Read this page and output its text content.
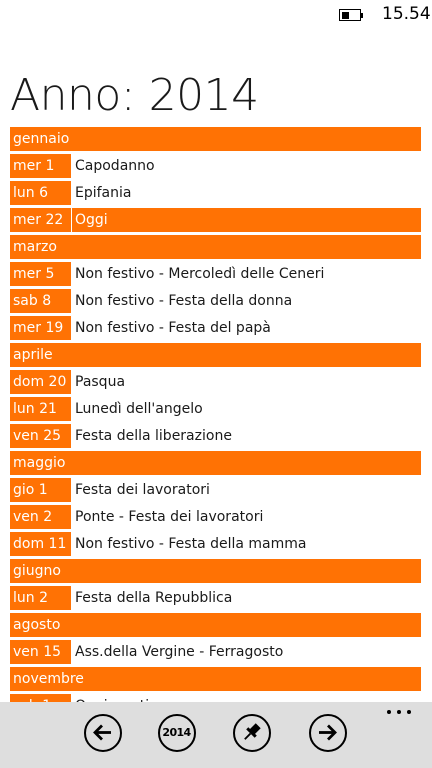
15.54
Anno: 2014
gennaio
mer 1	Capodanno
lun 6	Epifania
mer 22 Oggi
marzo
mer 5	Non festivo - Mercoledì delle Ceneri
sab 8	Non festivo - Festa della donna
mer 19 Non festivo - Festa del papà
aprile
dom 20 Pasqua
lun 21	Lunedì dell'angelo
ven 25 Festa della liberazione
maggio
gio 1	Festa dei lavoratori
ven 2	Ponte - Festa dei lavoratori
dom 11 Non festivo - Festa della mamma
giugno
lun 2	Festa della Repubblica
agosto
ven 15 Ass.della Vergine - Ferragosto
novembre
2014
